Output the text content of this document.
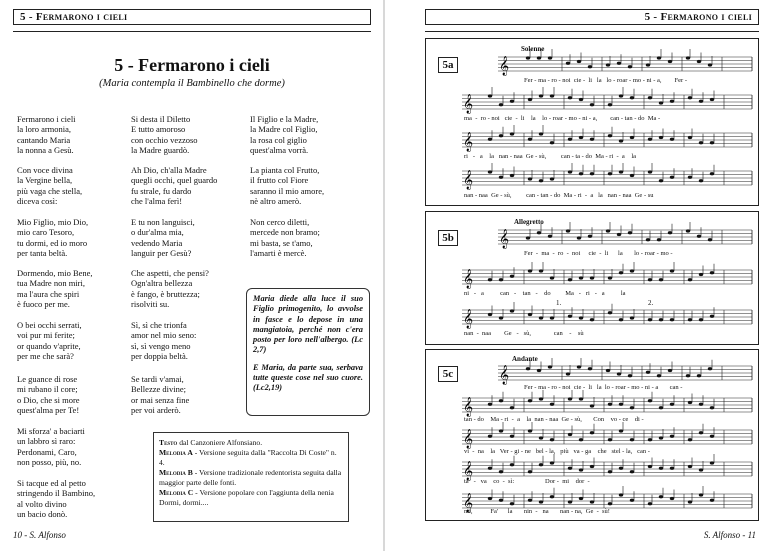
5 - Fermarono i cieli
5 - Fermarono i cieli
(Maria contempla il Bambinello che dorme)
Fermarono i cieli
la loro armonia,
cantando Maria
la nonna a Gesù.
Con voce divina
la Vergine bella,
più vaga che stella,
diceva così:
Mio Figlio, mio Dio,
mio caro Tesoro,
tu dormi, ed io moro
per tanta beltà.
Dormendo, mio Bene,
tua Madre non miri,
ma l'aura che spiri
è fuoco per me.
O bei occhi serrati,
voi pur mi ferite;
or quando v'aprite,
per me che sarà?
Le guance di rose
mi rubano il core;
o Dio, che si more
quest'alma per Te!
Mi sforza' a baciarti
un labbro sì raro:
Perdonami, Caro,
non posso, più, no.
Si tacque ed al petto
stringendo il Bambino,
al volto divino
un bacio donò.
Si desta il Diletto
E tutto amoroso
con occhio vezzoso
la Madre guardò.
Ah Dio, ch'alla Madre
quegli occhi, quel guardo
fu strale, fu dardo
che l'alma ferì!
E tu non languisci,
o dur'alma mia,
vedendo Maria
languir per Gesù?
Che aspetti, che pensi?
Ogn'altra bellezza
è fango, è bruttezza;
risolviti su.
Sì, sì che trionfa
amor nel mio seno:
sì, sì vengo meno
per doppia beltà.
Se tardi v'amai,
Bellezze divine;
or mai senza fine
per voi arderò.
Il Figlio e la Madre,
la Madre col Figlio,
la rosa col giglio
quest'alma vorrà.
La pianta col Frutto,
il frutto col Fiore
saranno il mio amore,
nè altro amerò.
Non cerco diletti,
mercede non bramo;
mi basta, se t'amo,
l'amarti è mercè.

Maria diede alla luce il suo Figlio primogenito, lo avvolse in fasce e lo depose in una mangiatoia, perché non c'era posto per loro nell'albergo. (Lc 2,7)

E Maria, da parte sua, serbava tutte queste cose nel suo cuore. (Lc2,19)

Testo dal Canzoniere Alfonsiano.
Melodia A - Versione seguita dalla "Raccolta Di Coste" n. 4.
Melodia B - Versione tradizionale redentorista seguita dalla maggior parte delle fonti.
Melodia C - Versione popolare con l'aggiunta della nenia Dormi, dormi....
10 - S. Alfonso
5 - Fermarono i cieli
5a
Solenne
𝄞
𝄞
𝄞
𝄞
Fer - ma - ro - noi  cie -  li   la   lo - roar - mo - ni - a,        Fer -
ma  -  ro - noi   cie  -  li    la    lo - roar - mo - ni - a,        can - tan - do  Ma -
ri   -   a    la   nan - naa  Ge - sù,         can - ta - do  Ma - ri  -  a    la
nan - naa  Ge - sù,         can - tan - do  Ma - ri  -  a   la   nan - naa  Ge - su
5b
Allegretto
𝄞
𝄞
𝄞
Fer  -  ma  -  ro  -  noi     cie  -  li      la       lo - roar - mo -
ni   -   a          can   -    tan   -    do         Ma   -   ri   -   a          la
nan  -  naa        Ge   -   sù,              can    -    sù
1.	2.
5c
Andante
𝄞
𝄞
𝄞
𝄞
𝄞
Fer - ma - ro - noi  cie -  li   la  lo - roar - mo - ni - a       can -
tan - do    Ma - ri  -  a    la  nan - naa  Ge - sù,       Con    vo - ce    di -
vi  -  na    la   Ver - gi - ne   bel - la,   più   va - ga    che   stel - la,   can -
ta   -   va    co  -  sì:                   Dor -  mi    dor  -
mi,           Fa'      la       nin  -   na       nan - na,  Ge  -  sù!
S. Alfonso - 11
